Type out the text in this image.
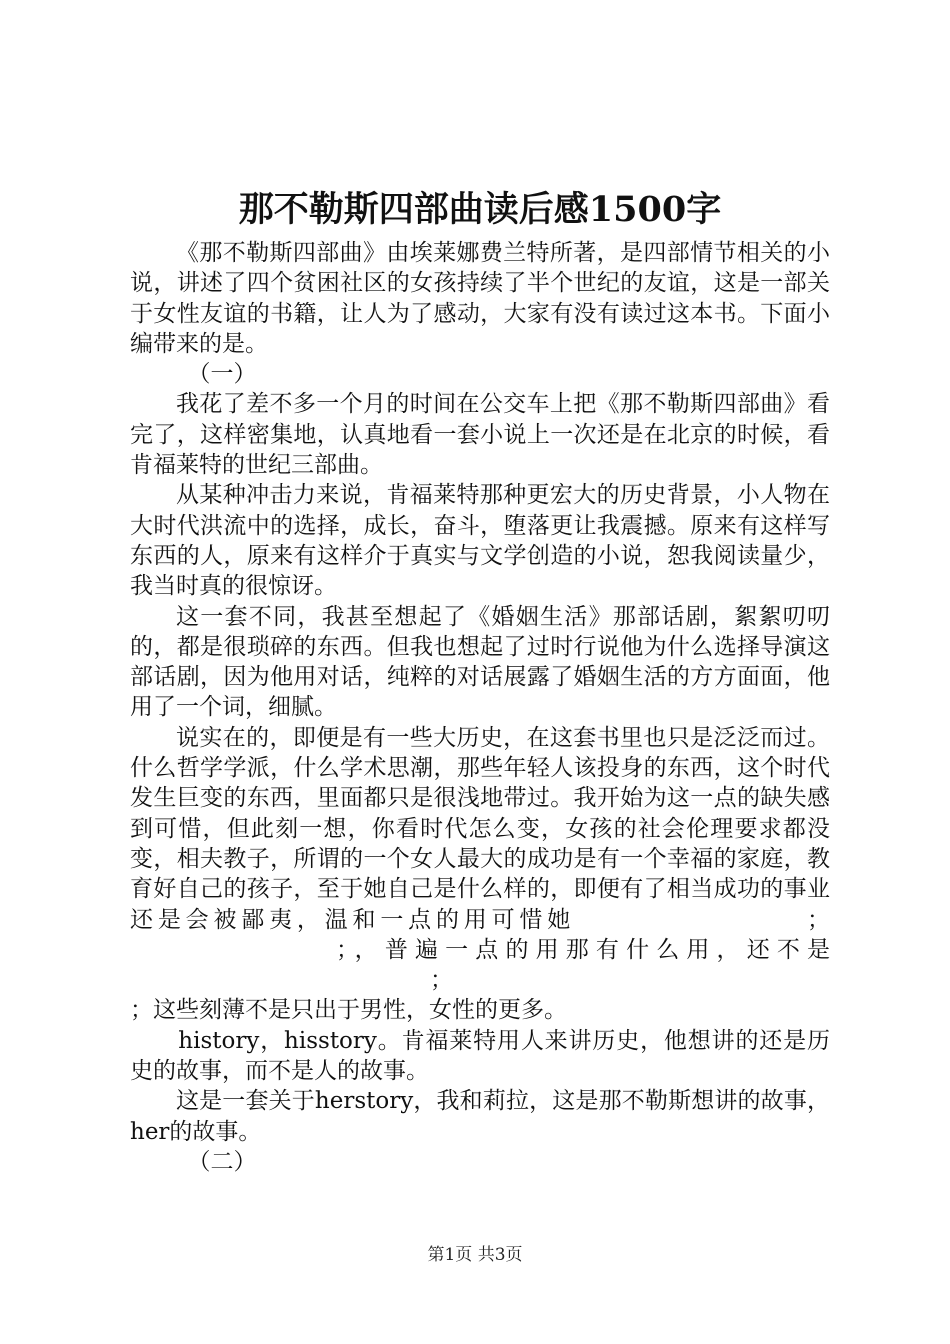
那不勒斯四部曲读后感1500字

《那不勒斯四部曲》由埃莱娜费兰特所著，是四部情节相关的小说，讲述了四个贫困社区的女孩持续了半个世纪的友谊，这是一部关于女性友谊的书籍，让人为了感动，大家有没有读过这本书。下面小编带来的是。

（一）

我花了差不多一个月的时间在公交车上把《那不勒斯四部曲》看完了，这样密集地，认真地看一套小说上一次还是在北京的时候，看肯福莱特的世纪三部曲。

从某种冲击力来说，肯福莱特那种更宏大的历史背景，小人物在大时代洪流中的选择，成长，奋斗，堕落更让我震撼。原来有这样写东西的人，原来有这样介于真实与文学创造的小说，恕我阅读量少，我当时真的很惊讶。

这一套不同，我甚至想起了《婚姻生活》那部话剧，絮絮叨叨的，都是很琐碎的东西。但我也想起了过时行说他为什么选择导演这部话剧，因为他用对话，纯粹的对话展露了婚姻生活的方方面面，他用了一个词，细腻。

说实在的，即便是有一些大历史，在这套书里也只是泛泛而过。什么哲学学派，什么学术思潮，那些年轻人该投身的东西，这个时代发生巨变的东西，里面都只是很浅地带过。我开始为这一点的缺失感到可惜，但此刻一想，你看时代怎么变，女孩的社会伦理要求都没变，相夫教子，所谓的一个女人最大的成功是有一个幸福的家庭，教育好自己的孩子，至于她自己是什么样的，即便有了相当成功的事业还是会被鄙夷，温和一点的用可惜她	；；，普遍一点的用那有什么用，还不是；

；这些刻薄不是只出于男性，女性的更多。

history，hisstory。肯福莱特用人来讲历史，他想讲的还是历史的故事，而不是人的故事。

这是一套关于herstory，我和莉拉，这是那不勒斯想讲的故事，her的故事。

（二）

第1页 共3页
